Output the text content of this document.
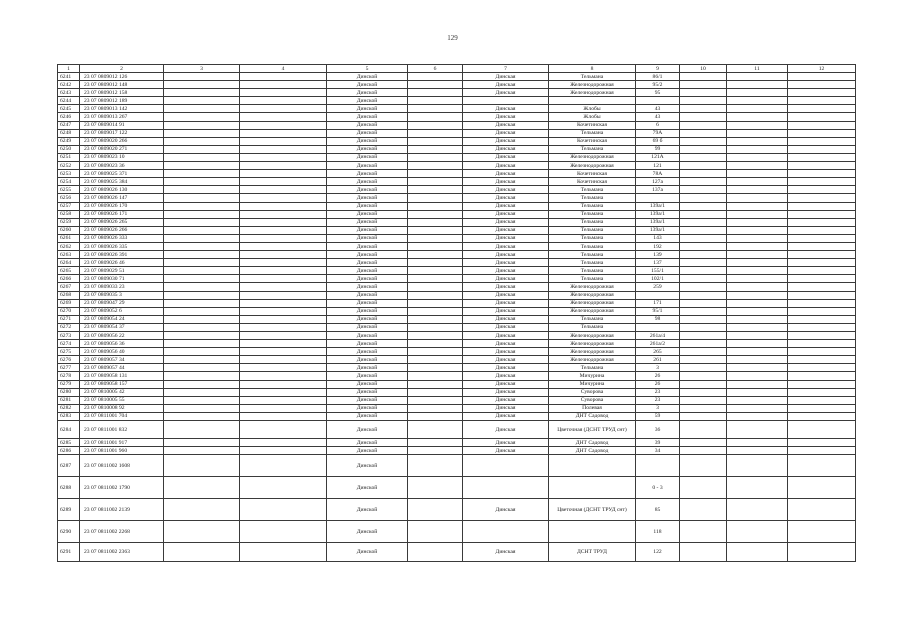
129
1	2	3	4	5	6	7	8	9	10	11	12
6241	23 07 0809012 126			Динской		Динская	Тельмана	86/1			
6242	23 07 0809012 148			Динской		Динская	Железнодорожная	95/2			
6243	23 07 0809012 158			Динской		Динская	Железнодорожная	95			
6244	23 07 0809012 189			Динской							
6245	23 07 0809013 142			Динской		Динская	Жлобы	43			
6246	23 07 0809013 267			Динской		Динская	Жлобы	43			
6247	23 07 0809014 91			Динской		Динская	Кочетинская	6			
6248	23 07 0809017 122			Динской		Динская	Тельмана	79А			
6249	23 07 0809020 266			Динской		Динская	Кочетинская	69 б			
6250	23 07 0809020 271			Динской		Динская	Тельмана	99			
6251	23 07 0809023 10			Динской		Динская	Железнодорожная	121А			
6252	23 07 0809023 36			Динской		Динская	Железнодорожная	121			
6253	23 07 0809025 371			Динской		Динская	Кочетинская	78А			
6254	23 07 0809025 384			Динской		Динская	Кочетинская	127а			
6255	23 07 0809026 130			Динской		Динская	Тельмана	137а			
6256	23 07 0809026 147			Динской		Динская	Тельмана				
6257	23 07 0809026 170			Динской		Динская	Тельмана	139а/1			
6258	23 07 0809026 171			Динской		Динская	Тельмана	139а/1			
6259	23 07 0809026 265			Динской		Динская	Тельмана	139а/1			
6260	23 07 0809026 266			Динской		Динская	Тельмана	139а/1			
6261	23 07 0809026 333			Динской		Динская	Тельмана	143			
6262	23 07 0809026 335			Динской		Динская	Тельмана	192			
6263	23 07 0809026 391			Динской		Динская	Тельмана	139			
6264	23 07 0809026 46			Динской		Динская	Тельмана	137			
6265	23 07 0809029 51			Динской		Динская	Тельмана	155/1			
6266	23 07 0809030 71			Динской		Динская	Тельмана	102/1			
6267	23 07 0809033 23			Динской		Динская	Железнодорожная	259			
6268	23 07 0809035 3			Динской		Динская	Железнодорожная				
6269	23 07 0809047 29			Динской		Динская	Железнодорожная	171			
6270	23 07 0809052 6			Динской		Динская	Железнодорожная	95/1			
6271	23 07 0809054 24			Динской		Динская	Тельмана	98			
6272	23 07 0809054 37			Динской		Динская	Тельмана				
6273	23 07 0809056 22			Динской		Динская	Железнодорожная	261а/4			
6274	23 07 0809056 36			Динской		Динская	Железнодорожная	261а/2			
6275	23 07 0809056 40			Динской		Динская	Железнодорожная	265			
6276	23 07 0809057 34			Динской		Динская	Железнодорожная	261			
6277	23 07 0809057 44			Динской		Динская	Тельмана	3			
6278	23 07 0809058 131			Динской		Динская	Мичурина	26			
6279	23 07 0809058 157			Динской		Динская	Мичурина	26			
6280	23 07 0810005 42			Динской		Динская	Суворова	23			
6281	23 07 0810005 55			Динской		Динская	Суворова	23			
6282	23 07 0810008 92			Динской		Динская	Полевая	3			
6283	23 07 0811001 704			Динской		Динская	ДНТ Садовод	59			
6284	23 07 0811001 832			Динской		Динская	Цветочная (ДСНТ ТРУД снт)	36			
6285	23 07 0811001 917			Динской		Динская	ДНТ Садовод	39			
6286	23 07 0811001 960			Динской		Динская	ДНТ Садовод	34			
6287	23 07 0811002 1608			Динской							
6288	23 07 0811002 1790			Динской				0 - 3			
6289	23 07 0811002 2139			Динской		Динская	Цветочная (ДСНТ ТРУД снт)	85			
6290	23 07 0811002 2268			Динской				118			
6291	23 07 0811002 2363			Динской		Динская	ДСНТ ТРУД	122			
